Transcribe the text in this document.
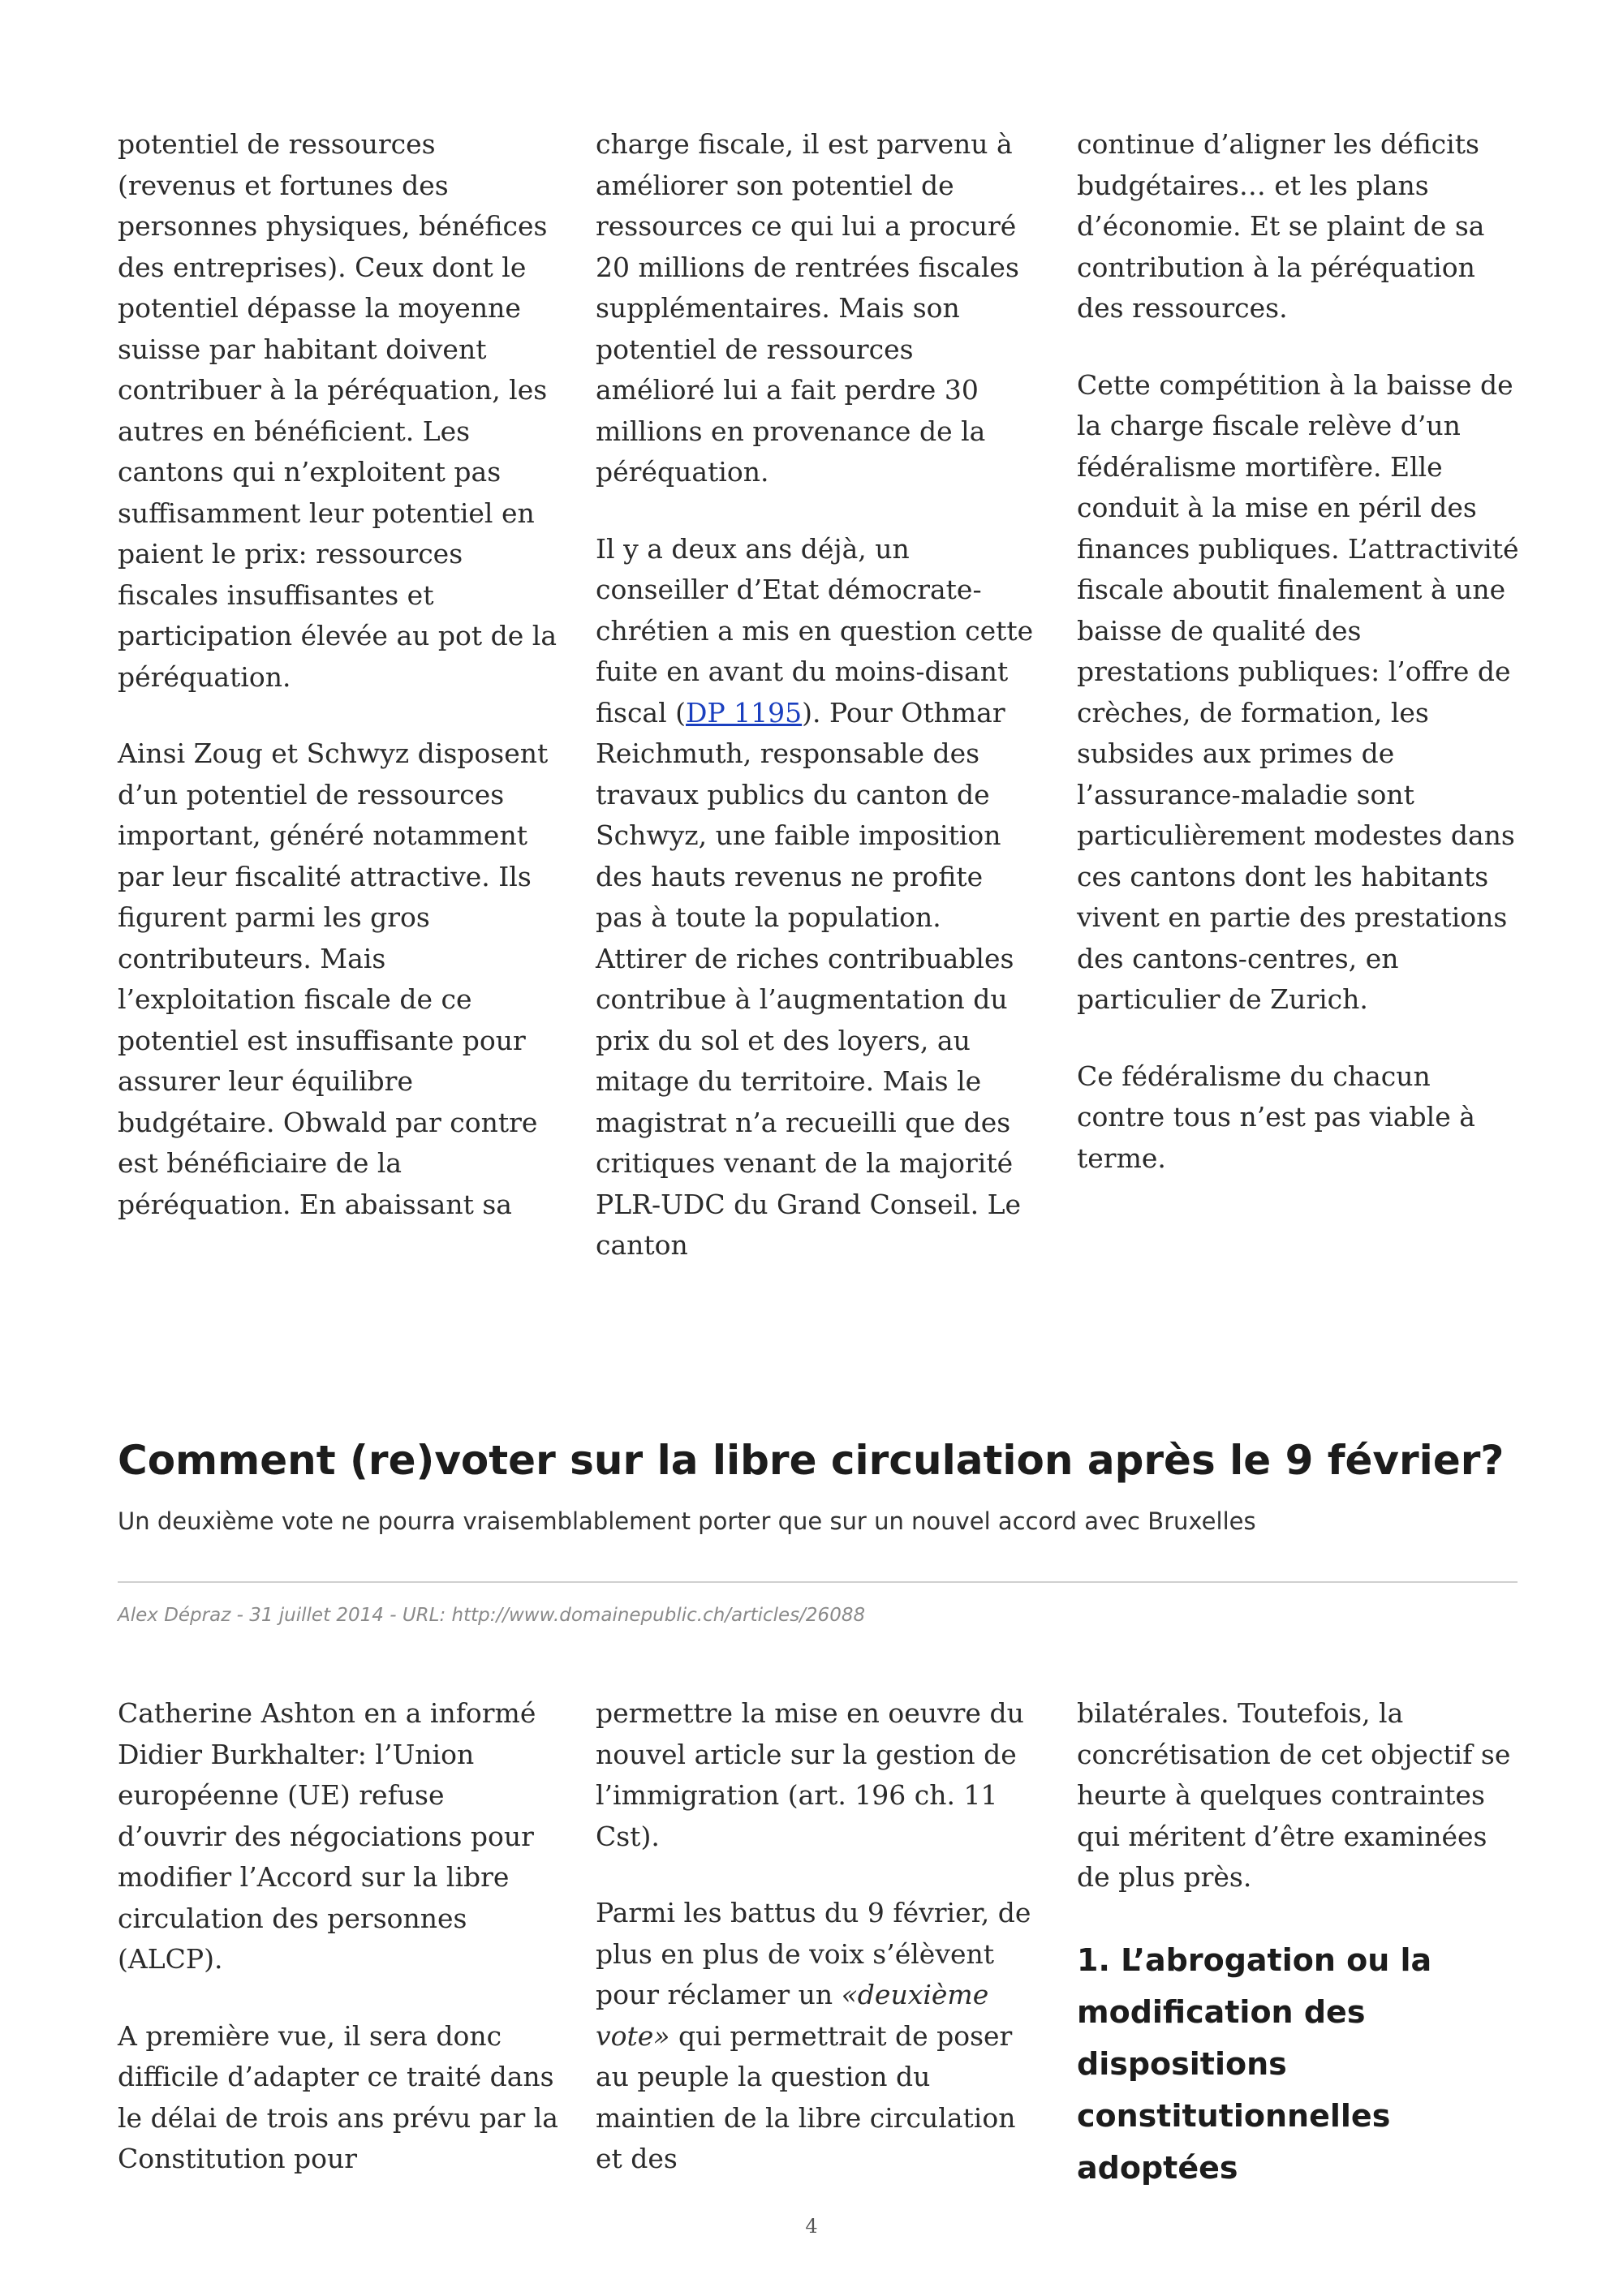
potentiel de ressources (revenus et fortunes des personnes physiques, bénéfices des entreprises). Ceux dont le potentiel dépasse la moyenne suisse par habitant doivent contribuer à la péréquation, les autres en bénéficient. Les cantons qui n’exploitent pas suffisamment leur potentiel en paient le prix: ressources fiscales insuffisantes et participation élevée au pot de la péréquation.

Ainsi Zoug et Schwyz disposent d’un potentiel de ressources important, généré notamment par leur fiscalité attractive. Ils figurent parmi les gros contributeurs. Mais l’exploitation fiscale de ce potentiel est insuffisante pour assurer leur équilibre budgétaire. Obwald par contre est bénéficiaire de la péréquation. En abaissant sa

charge fiscale, il est parvenu à améliorer son potentiel de ressources ce qui lui a procuré 20 millions de rentrées fiscales supplémentaires. Mais son potentiel de ressources amélioré lui a fait perdre 30 millions en provenance de la péréquation.

Il y a deux ans déjà, un conseiller d’Etat démocrate-chrétien a mis en question cette fuite en avant du moins-disant fiscal (DP 1195). Pour Othmar Reichmuth, responsable des travaux publics du canton de Schwyz, une faible imposition des hauts revenus ne profite pas à toute la population. Attirer de riches contribuables contribue à l’augmentation du prix du sol et des loyers, au mitage du territoire. Mais le magistrat n’a recueilli que des critiques venant de la majorité PLR-UDC du Grand Conseil. Le canton

continue d’aligner les déficits budgétaires… et les plans d’économie. Et se plaint de sa contribution à la péréquation des ressources.

Cette compétition à la baisse de la charge fiscale relève d’un fédéralisme mortifère. Elle conduit à la mise en péril des finances publiques. L’attractivité fiscale aboutit finalement à une baisse de qualité des prestations publiques: l’offre de crèches, de formation, les subsides aux primes de l’assurance-maladie sont particulièrement modestes dans ces cantons dont les habitants vivent en partie des prestations des cantons-centres, en particulier de Zurich.

Ce fédéralisme du chacun contre tous n’est pas viable à terme.

Comment (re)voter sur la libre circulation après le 9 février?
Un deuxième vote ne pourra vraisemblablement porter que sur un nouvel accord avec Bruxelles
Alex Dépraz - 31 juillet 2014 - URL: http://www.domainepublic.ch/articles/26088

Catherine Ashton en a informé Didier Burkhalter: l’Union européenne (UE) refuse d’ouvrir des négociations pour modifier l’Accord sur la libre circulation des personnes (ALCP).

A première vue, il sera donc difficile d’adapter ce traité dans le délai de trois ans prévu par la Constitution pour

permettre la mise en oeuvre du nouvel article sur la gestion de l’immigration (art. 196 ch. 11 Cst).

Parmi les battus du 9 février, de plus en plus de voix s’élèvent pour réclamer un «deuxième vote» qui permettrait de poser au peuple la question du maintien de la libre circulation et des

bilatérales. Toutefois, la concrétisation de cet objectif se heurte à quelques contraintes qui méritent d’être examinées de plus près.

1. L’abrogation ou la modification des dispositions constitutionnelles adoptées
4
